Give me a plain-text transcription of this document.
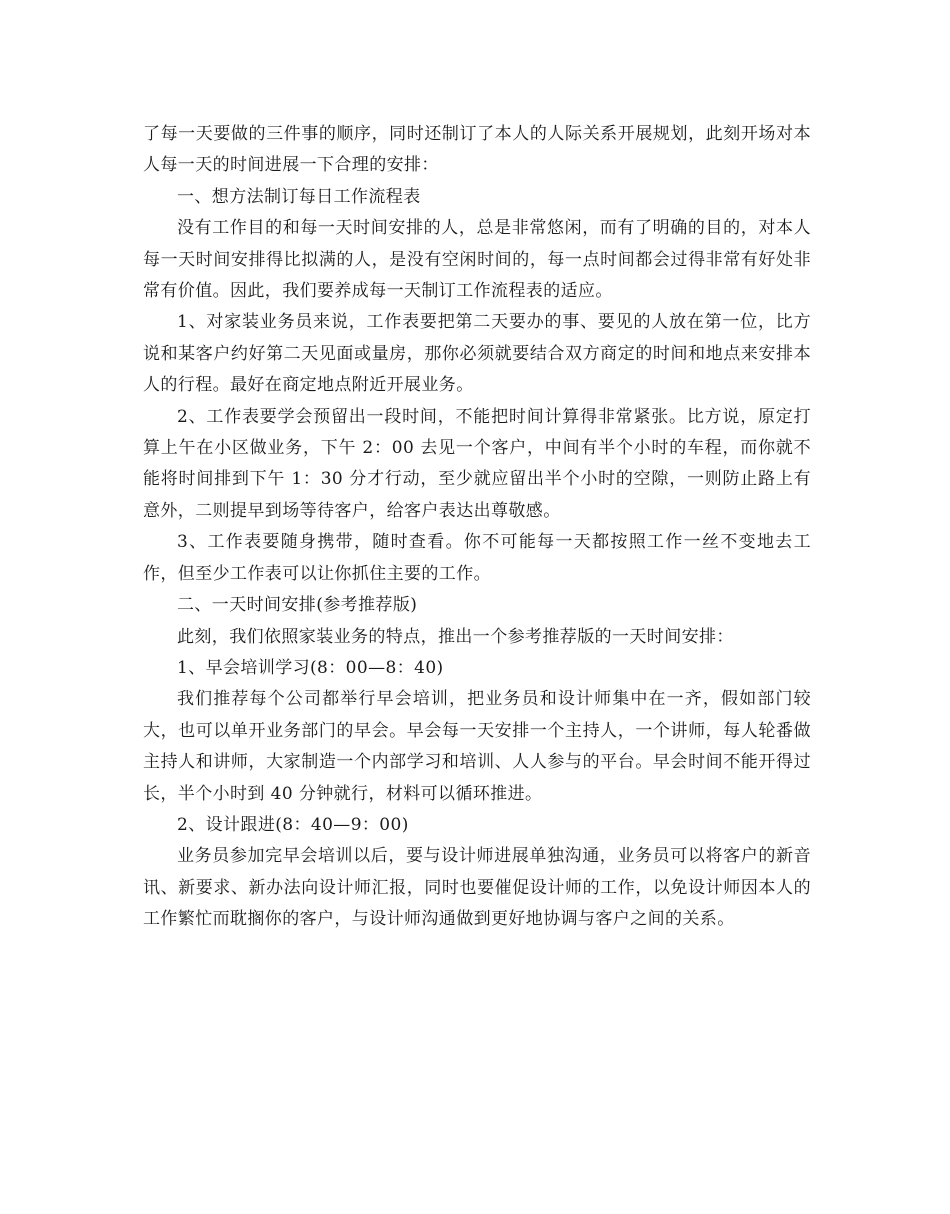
了每一天要做的三件事的顺序，同时还制订了本人的人际关系开展规划，此刻开场对本人每一天的时间进展一下合理的安排：

一、想方法制订每日工作流程表

没有工作目的和每一天时间安排的人，总是非常悠闲，而有了明确的目的，对本人每一天时间安排得比拟满的人，是没有空闲时间的，每一点时间都会过得非常有好处非常有价值。因此，我们要养成每一天制订工作流程表的适应。

1、对家装业务员来说，工作表要把第二天要办的事、要见的人放在第一位，比方说和某客户约好第二天见面或量房，那你必须就要结合双方商定的时间和地点来安排本人的行程。最好在商定地点附近开展业务。

2、工作表要学会预留出一段时间，不能把时间计算得非常紧张。比方说，原定打算上午在小区做业务，下午 2：00 去见一个客户，中间有半个小时的车程，而你就不能将时间排到下午 1：30 分才行动，至少就应留出半个小时的空隙，一则防止路上有意外，二则提早到场等待客户，给客户表达出尊敬感。

3、工作表要随身携带，随时查看。你不可能每一天都按照工作一丝不变地去工作，但至少工作表可以让你抓住主要的工作。

二、一天时间安排(参考推荐版)

此刻，我们依照家装业务的特点，推出一个参考推荐版的一天时间安排：

1、早会培训学习(8：00—8：40)

我们推荐每个公司都举行早会培训，把业务员和设计师集中在一齐，假如部门较大，也可以单开业务部门的早会。早会每一天安排一个主持人，一个讲师，每人轮番做主持人和讲师，大家制造一个内部学习和培训、人人参与的平台。早会时间不能开得过长，半个小时到 40 分钟就行，材料可以循环推进。

2、设计跟进(8：40—9：00)

业务员参加完早会培训以后，要与设计师进展单独沟通，业务员可以将客户的新音讯、新要求、新办法向设计师汇报，同时也要催促设计师的工作，以免设计师因本人的工作繁忙而耽搁你的客户，与设计师沟通做到更好地协调与客户之间的关系。
